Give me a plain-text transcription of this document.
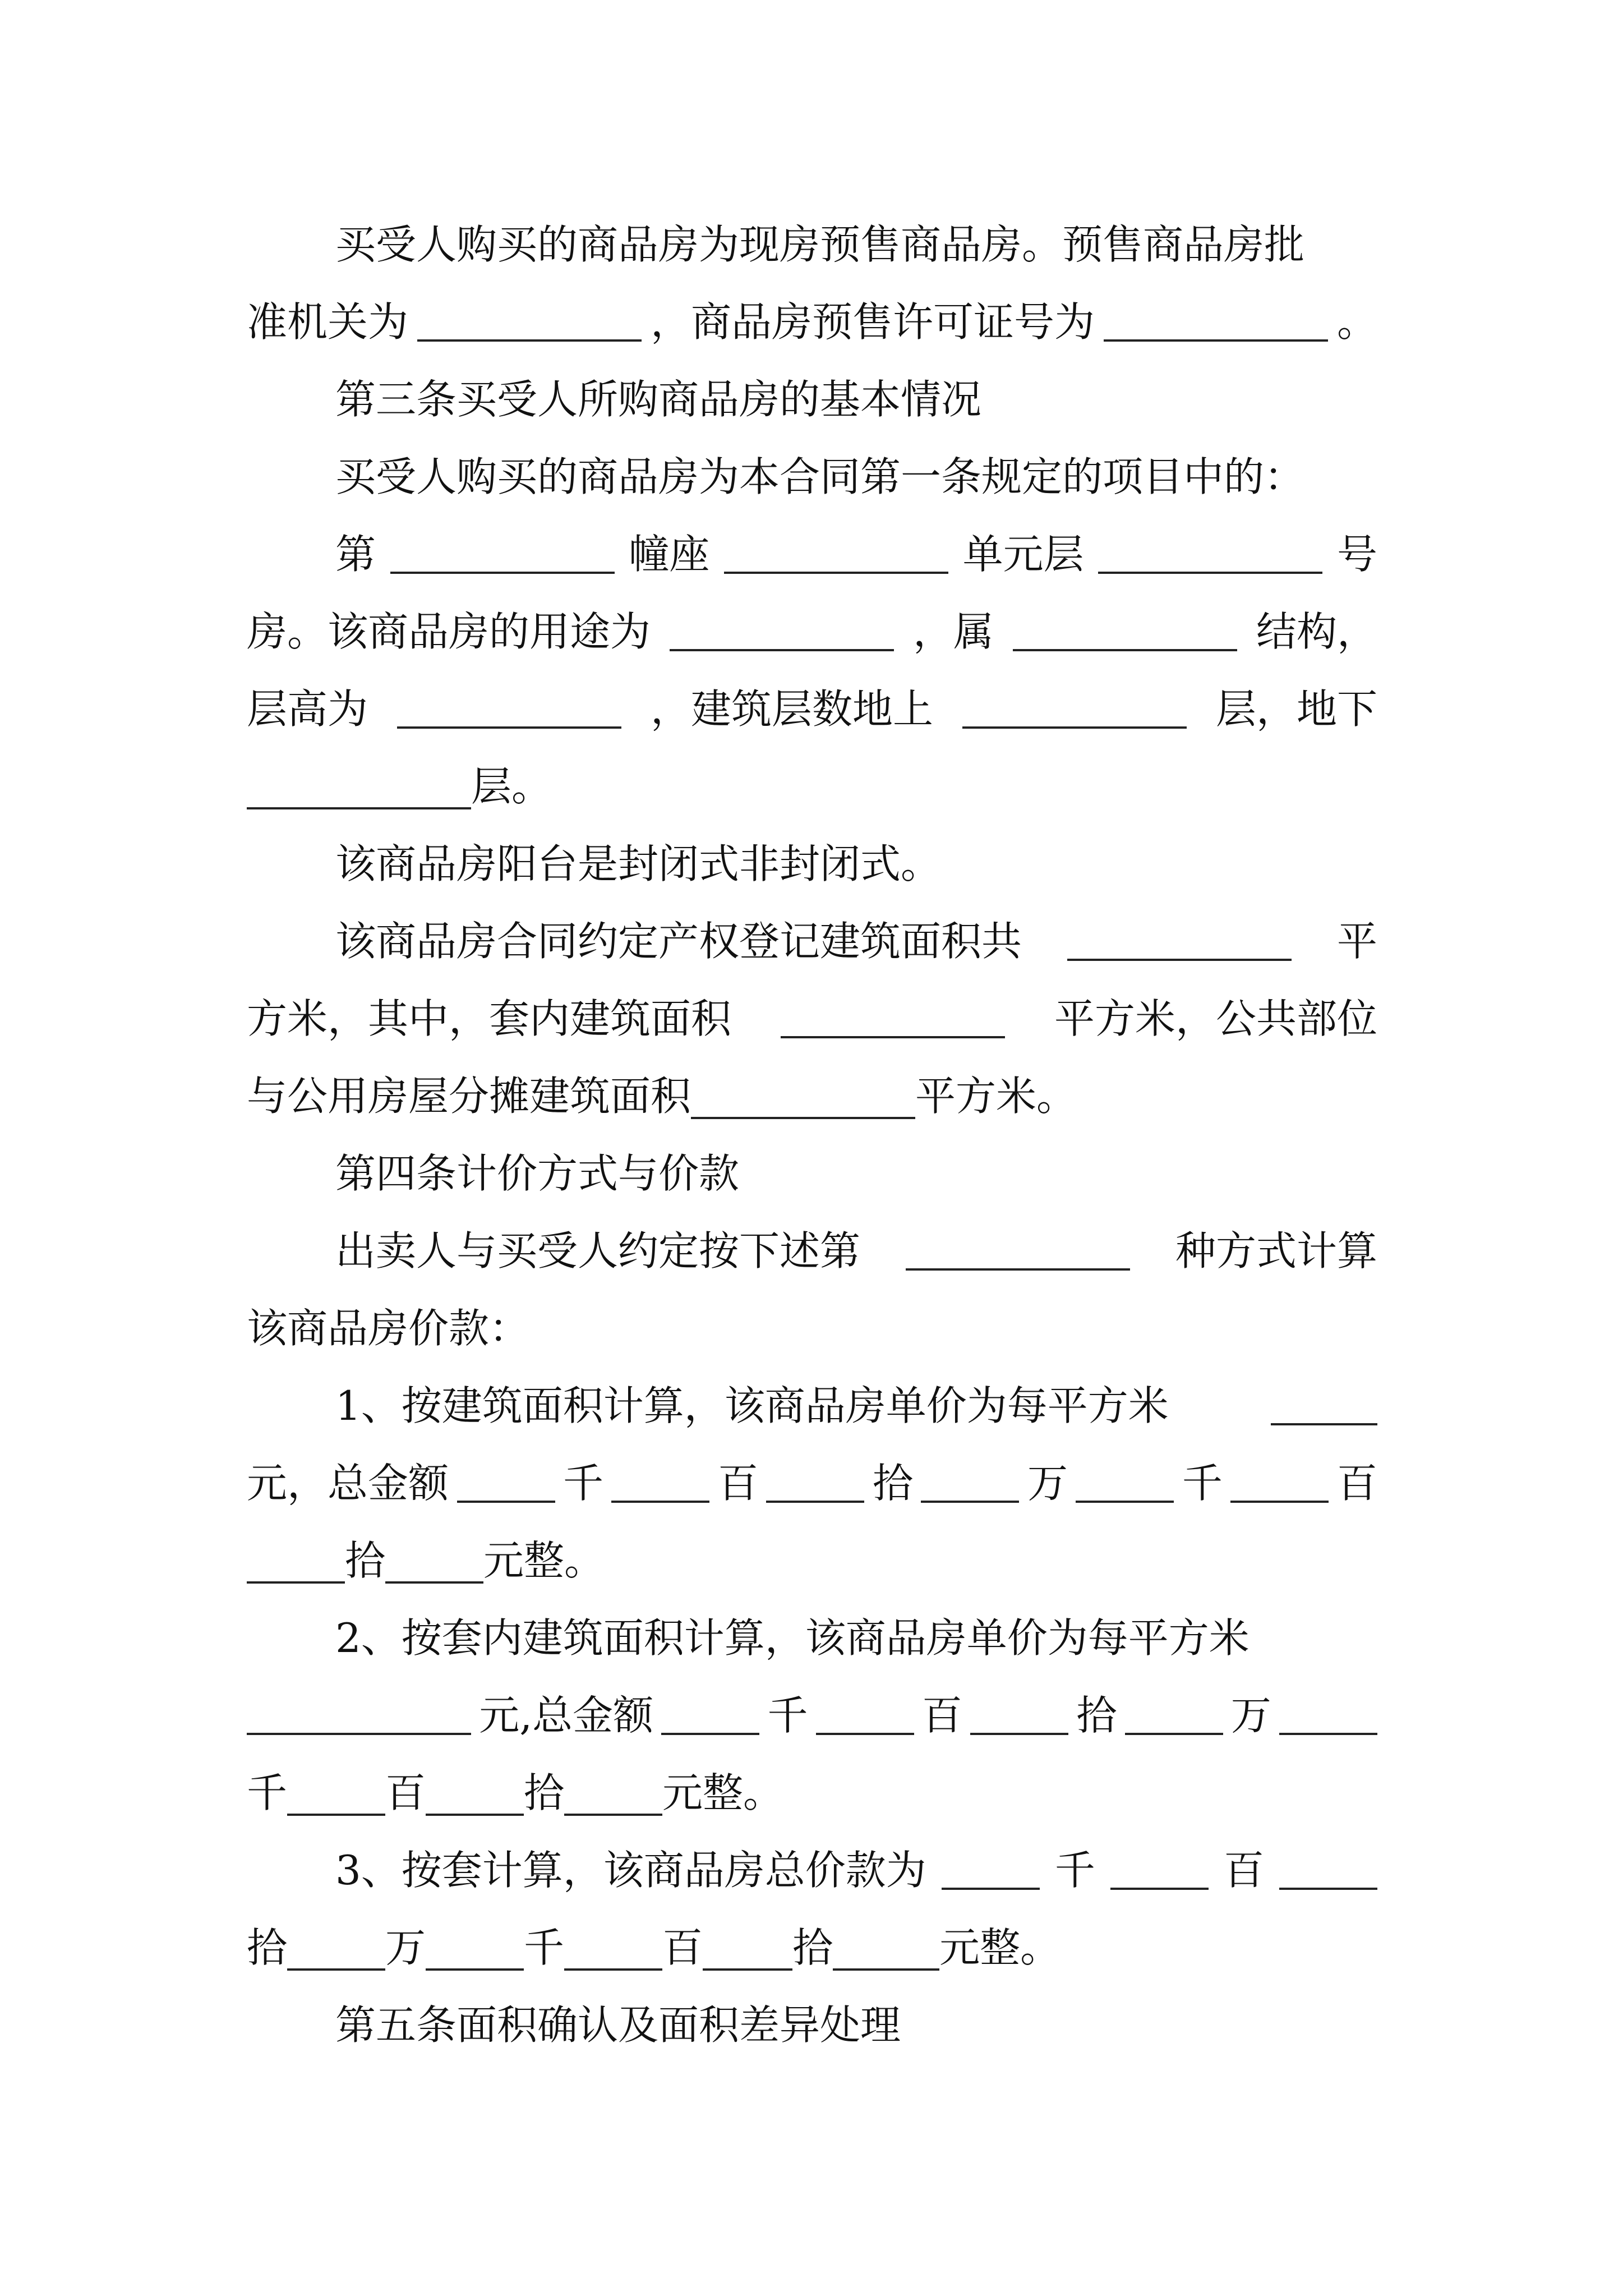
买受人购买的商品房为现房预售商品房。预售商品房批
准机关为	，商品房预售许可证号为	。
第三条买受人所购商品房的基本情况
买受人购买的商品房为本合同第一条规定的项目中的：
第	幢座	单元层	号
房。该商品房的用途为	，属	结构，
层高为	，建筑层数地上	层，地下
层。
该商品房阳台是封闭式非封闭式。
该商品房合同约定产权登记建筑面积共	平
方米，其中，套内建筑面积	平方米，公共部位
与公用房屋分摊建筑面积	平方米。
第四条计价方式与价款
出卖人与买受人约定按下述第	种方式计算
该商品房价款：
1、按建筑面积计算，该商品房单价为每平方米
元，总金额	千	百	拾	万	千	百
拾 元整。
2、按套内建筑面积计算，该商品房单价为每平方米
元,总金额	千	百	拾	万
千 百 拾 元整。
3、按套计算，该商品房总价款为	千	百
拾 万 千 百 拾	元整。
第五条面积确认及面积差异处理
